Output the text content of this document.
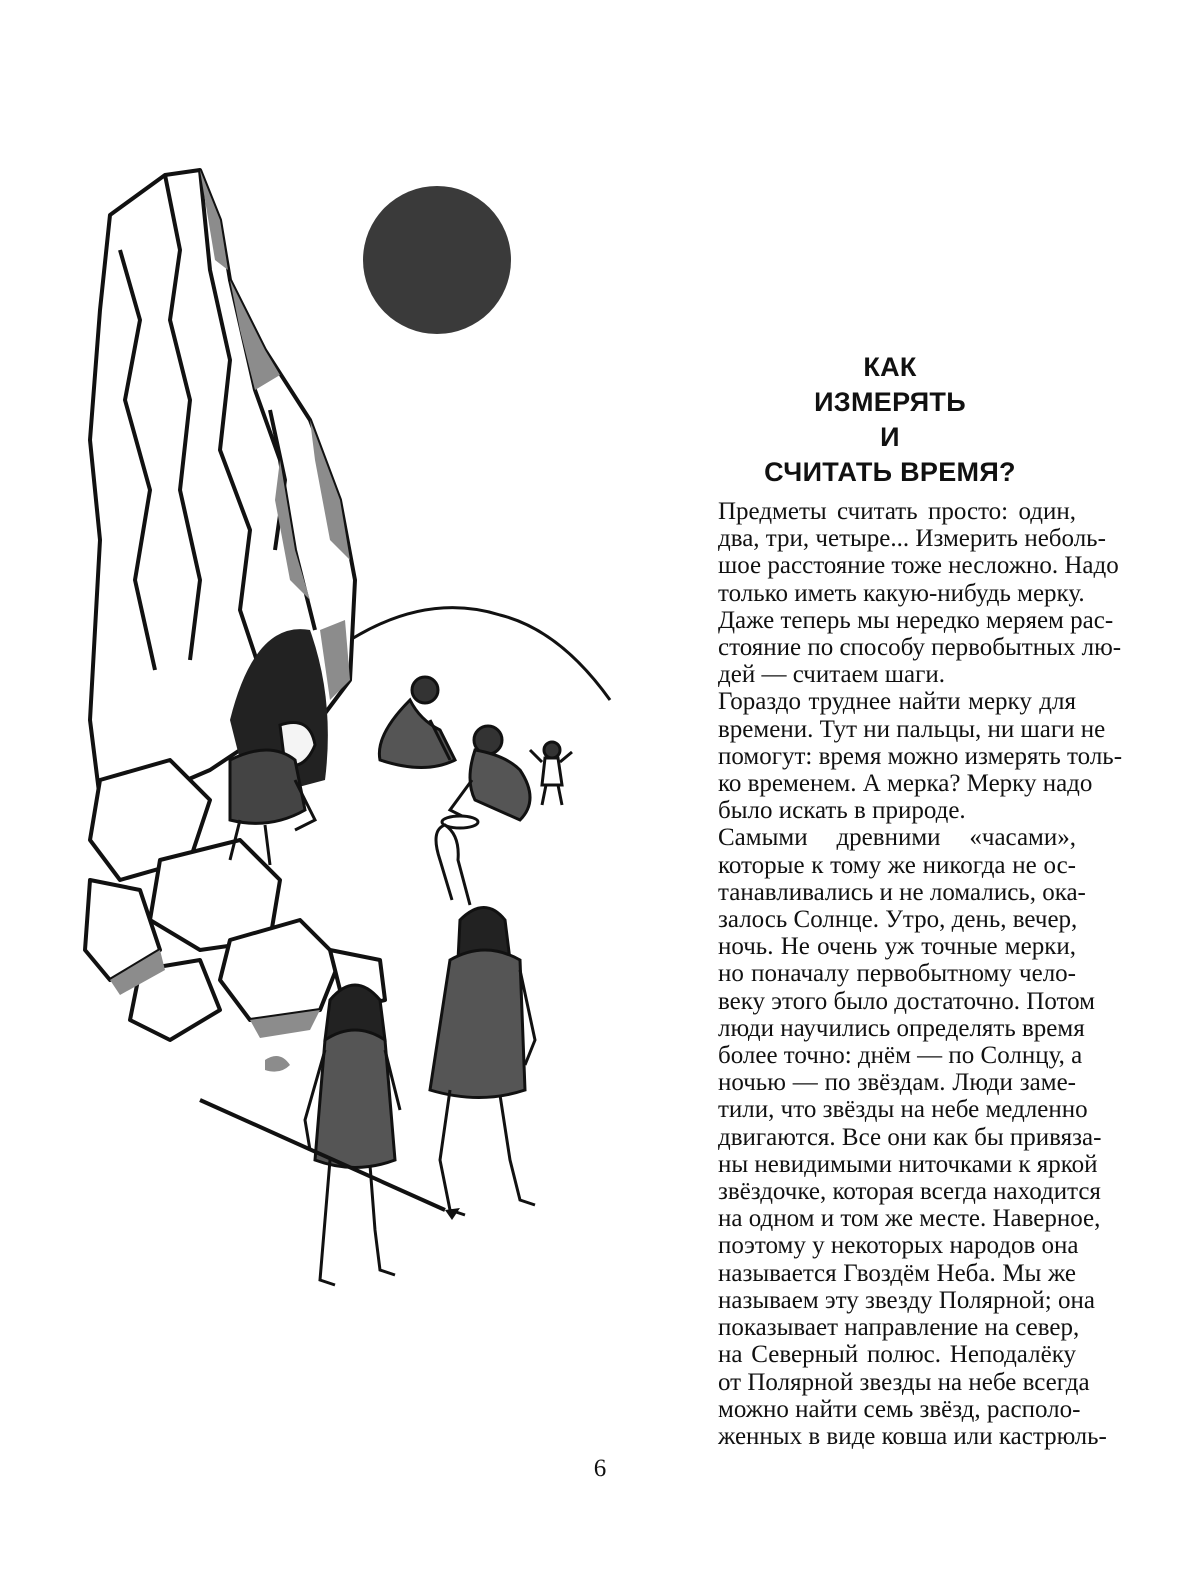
КАК
ИЗМЕРЯТЬ
И
СЧИТАТЬ ВРЕМЯ?

Предметы считать просто: один,
два, три, четыре... Измерить неболь-
шое расстояние тоже несложно. Надо
только иметь какую-нибудь мерку.
Даже теперь мы нередко меряем рас-
стояние по способу первобытных лю-
дей — считаем шаги.

Гораздо труднее найти мерку для
времени. Тут ни пальцы, ни шаги не
помогут: время можно измерять толь-
ко временем. А мерка? Мерку надо
было искать в природе.

Самыми древними «часами»,
которые к тому же никогда не ос-
танавливались и не ломались, ока-
залось Солнце. Утро, день, вечер,
ночь. Не очень уж точные мерки,
но поначалу первобытному чело-
веку этого было достаточно. Потом
люди научились определять время
более точно: днём — по Солнцу, а
ночью — по звёздам. Люди заме-
тили, что звёзды на небе медленно
двигаются. Все они как бы привяза-
ны невидимыми ниточками к яркой
звёздочке, которая всегда находится
на одном и том же месте. Наверное,
поэтому у некоторых народов она
называется Гвоздём Неба. Мы же
называем эту звезду Полярной; она
показывает направление на север,
на Северный полюс. Неподалёку
от Полярной звезды на небе всегда
можно найти семь звёзд, располо-
женных в виде ковша или кастрюль-

6
